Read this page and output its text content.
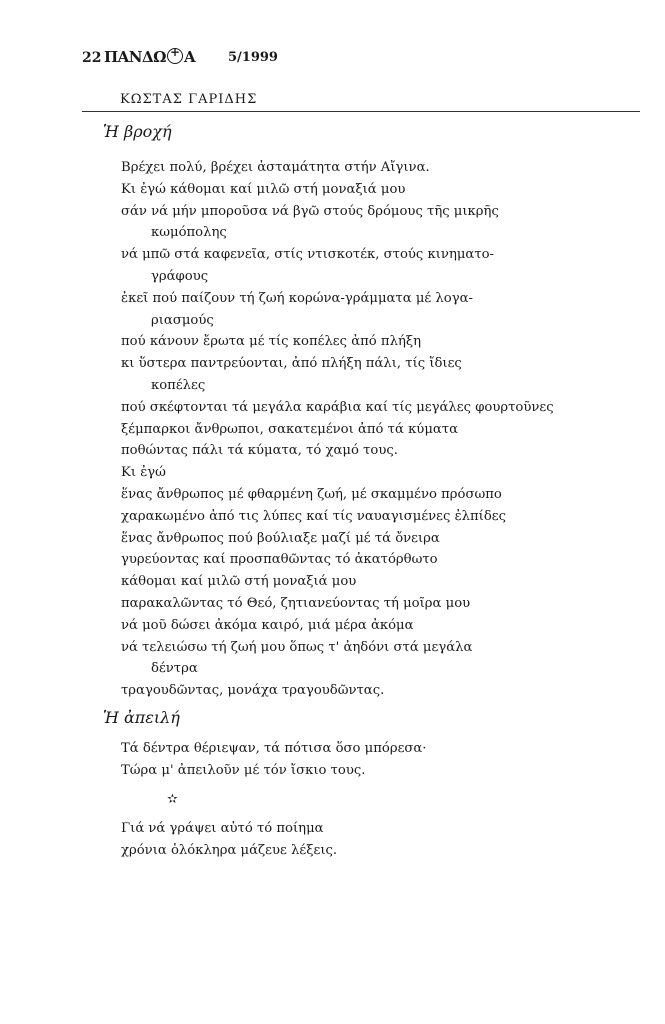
22 ΠΑΝΔΩ+ Α	5/1999
ΚΩΣΤΑΣ ΓΑΡΙΔΗΣ
Ἡ βροχή
Βρέχει πολύ, βρέχει ἀσταμάτητα στήν Αἴγινα.
Κι ἐγώ κάθομαι καί μιλῶ στή μοναξιά μου
σάν νά μήν μποροῦσα νά βγῶ στούς δρόμους τῆς μικρῆς
κωμόπολης
νά μπῶ στά καφενεῖα, στίς ντισκοτέκ, στούς κινηματο-
γράφους
ἐκεῖ πού παίζουν τή ζωή κορώνα-γράμματα μέ λογα-
ριασμούς
πού κάνουν ἔρωτα μέ τίς κοπέλες ἀπό πλήξη
κι ὕστερα παντρεύονται, ἀπό πλήξη πάλι, τίς ἴδιες
κοπέλες
πού σκέφτονται τά μεγάλα καράβια καί τίς μεγάλες φουρτοῦνες
ξέμπαρκοι ἄνθρωποι, σακατεμένοι ἀπό τά κύματα
ποθώντας πάλι τά κύματα, τό χαμό τους.
Κι ἐγώ
ἕνας ἄνθρωπος μέ φθαρμένη ζωή, μέ σκαμμένο πρόσωπο
χαρακωμένο ἀπό τις λύπες καί τίς ναυαγισμένες ἐλπίδες
ἕνας ἄνθρωπος πού βούλιαξε μαζί μέ τά ὄνειρα
γυρεύοντας καί προσπαθῶντας τό ἀκατόρθωτο
κάθομαι καί μιλῶ στή μοναξιά μου
παρακαλῶντας τό Θεό, ζητιανεύοντας τή μοῖρα μου
νά μοῦ δώσει ἀκόμα καιρό, μιά μέρα ἀκόμα
νά τελειώσω τή ζωή μου ὅπως τ' ἀηδόνι στά μεγάλα
δέντρα
τραγουδῶντας, μονάχα τραγουδῶντας.
Ἡ ἀπειλή
Τά δέντρα θέριεψαν, τά πότισα ὅσο μπόρεσα·
Τώρα μ' ἀπειλοῦν μέ τόν ἴσκιο τους.
✫
Γιά νά γράψει αὐτό τό ποίημα
χρόνια ὁλόκληρα μάζευε λέξεις.
